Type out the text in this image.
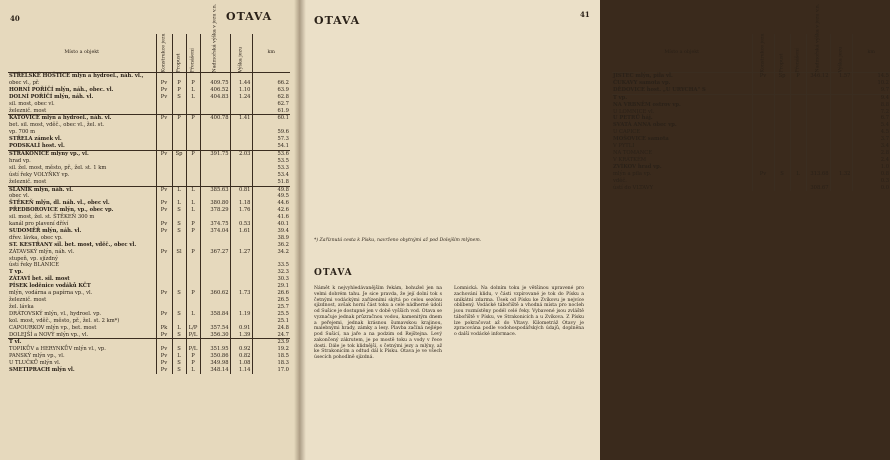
40	OTAVA
Místo a objekt	Konstrukce jezu	Propust	Přenášení	Nadmořská výška v jezu v.n.	Výška jezu	km
STŘELSKÉ HOŠTICE mlýn a hydroel., náh. vl.,						
obec vl., př.	Pv	P	P	409.75	1.44	66.2
HORNÍ POŘÍČÍ mlýn, náh., obec. vl.	Pv	P	L	406.52	1.10	63.9
DOLNÍ POŘÍČÍ mlýn, náh. vl.	Pv	S	L	404.83	1.24	62.8
sil. most, obec vl.						62.7
železnič. most						61.9
KATOVICE mlýn a hydroel., náh. vl.	Pv	P	P	400.78	1.41	60.1
bet. sil. most, vděč., obec vl., žel. st.						
vp. 700 m						59.6
STŘELA zámek vl.						57.3
PODSKALÍ host. vl.						54.1
STRAKONICE mlýny vp., vl.	Pv	Sp	P	391.75	2.03	53.6
hrad vp.						53.5
sil. žel. most, město, př., žel. st. 1 km						53.3
ústí řeky VOLYŇKY vp.						53.4
železnič. most						51.8
SLANÍK mlýn, náh. vl.	Pv	L	L	385.63	0.81	49.8
obec vl.						49.5
ŠTĚKEŇ mlýn, dl. náh. vl., obec vl.	Pv	L	L	380.80	1.18	44.6
PŘEDBOROVICE mlýn, vp., obec vp.	Pv	S	L	378.29	1.76	42.6
sil. most, žel. st. ŠTĚKEŇ 300 m						41.6
kanál pro plavení dříví	Pv	S	P	374.75	0.53	40.1
SUDOMĚŘ mlýn, náh. vl.	Pv	S	P	374.04	1.61	39.4
dřev. lávka, obec vp.						38.9
ST. KESTŘANY sil. bet. most, vděč., obec vl.						36.2
ZÁTAVSKÝ mlýn, náh. vl.	Pv	Sl	P	367.27	1.27	34.2
stupeň, vp. sjízdný						
ústí řeky BLANICE						33.5
T vp.						32.3
ZÁTAVÍ bet. sil. most						30.3
PÍSEK loděnice vodáků KČT						29.1
mlýn, vodárna a papírna vp., vl.	Pv	S	P	360.62	1.73	26.6
železnič. most						26.5
žel. lávka						25.7
DRÁTOVSKÝ mlýn, vl., hydroel. vp.	Pv	S	L	358.84	1.19	25.5
kol. most, vděč., město, př., žel. st. 2 km*)						25.1
CAPOURKOV mlýn vp., bet. most	Pk	L	L/P	357.54	0.91	24.8
DOLEJŠÍ a NOVÝ mlýn vp., vl.	Pv	S	P/L	356.30	1.39	24.7
T vl.						23.9
TOPIKŮV a HERYNKŮV mlýn vl., vp.	Pv	S	P/L	351.95	0.92	19.2
PANSKÝ mlýn vp., vl.	Pv	L	P	350.86	0.82	18.5
U TLUČKŮ mlýn vl.	Pv	S	P	349.98	1.08	18.3
SMETIPRACH mlýn vl.	Pv	S	L	348.14	1.14	17.0
OTAVA	41
Místo a objekt	Konstrukce jezu	Propust	Přenášení	Nadmořská výška v jezu v.n.	Výška jezu	km
JISTEC mlýn, pila vl.	Pv	Sp	P	346.12	1.57	14.5
ČUKAVY samota vp.						10.2
DĚDOVICE host. „U URYCHA" S						9.7
T vp.						9.4
NA VRBNĚM ostrov vp.						8.8
U LOMNICE vl.						7.2
U PETRŮ háj.						6.7
SVATÁ ANNA obec vp.						5.4
U CAPICE						4.5
MOŠOVICE samota						3.7
V PYTLI						3.4
NA TOMANCE						2.8
V KRÁTKÉM						2.4
ZVÍKOV hrad vp.						1.0
mlýn a pila vp.	Pv	S	L	313.68	1.32	0.8
vděč.						0.3
ústí do VLTAVY				308.67		0.0
*) Zaříznutá cesta k Písku, navrženo obytnými až pod Dolejším mlýnem.
OTAVA
Námět k nejvyhledávanějším řekám, bohužel jen na velmi dobrém tahu. Je sice pravda, že její dolní tok s četnými vodáckými zařízeními skýtá po celou sezónu sjízdnost, avšak horní část toku a celé nádherné údolí od Sušice je dostupné jen v době vyšších vod. Otava se vyznačuje jednak průzračnou vodou, kamenitým dnem a peřejemi, jednak krásnou šumavskou krajinou, malebnými hrady, zámky a lesy. Plavba začíná nejlépe pod Sušicí, na jaře a na podzim od Rejštejna. Levý zakončený zákrutem, je po mostě toku a vody v řece dosti. Dále je tok klidnější, s četnými jezy a mlýny, až ke Strakonicím a odtud dál k Písku. Otava je ve všech úsecích pohodlně sjízdná.
Lomnická. Na dolním toku je většinou upravené pro zachování klidu, v části vzpírované je tok do Písku a unikátní zdarma. Úsek od Písku ke Zvíkovu je nejvíce oblíbený. Vodácké tábořiště a vhodná místa pro nocleh jsou rozmístěny podél celé řeky. Vybavené jsou zvláště tábořiště v Písku, ve Strakonicích a u Zvíkova. Z Písku lze pokračovat až do Vltavy. Kilometráž Otavy je zpracována podle vodohospodářských údajů, doplněna o další vodácké informace.
